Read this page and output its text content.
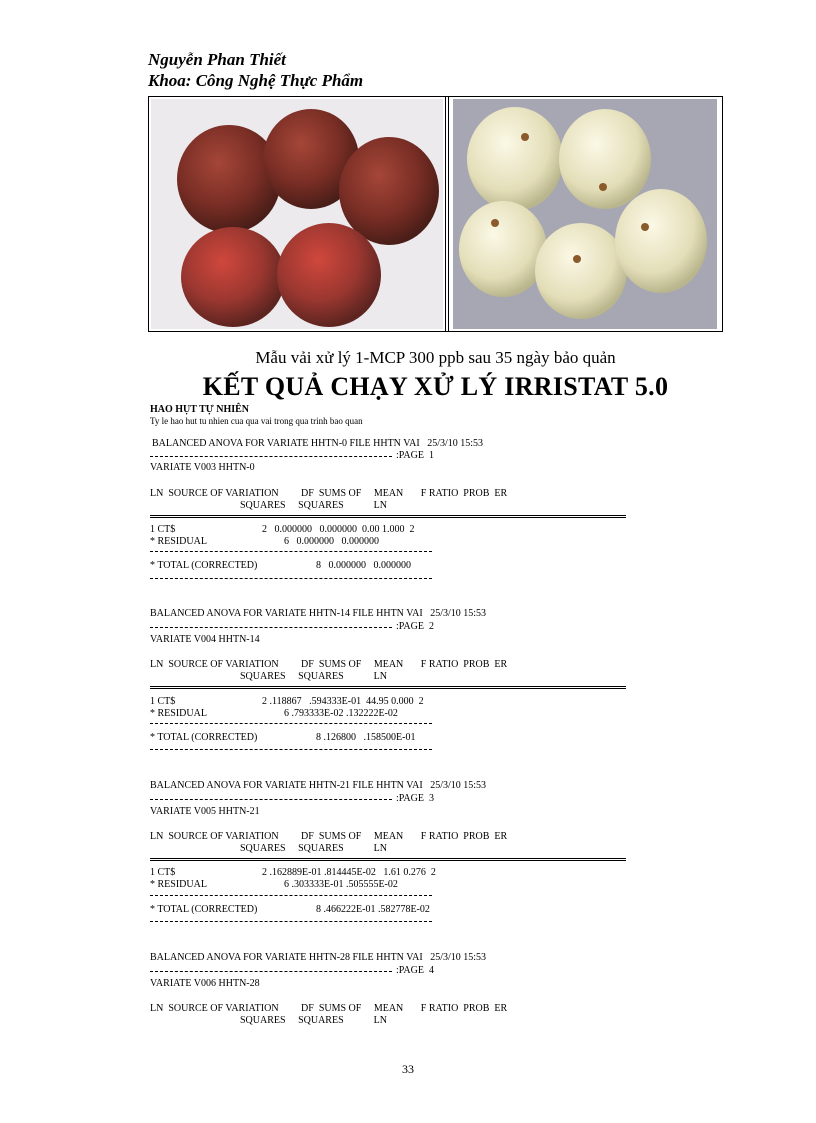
Nguyễn Phan Thiết
Khoa: Công Nghệ Thực Phẩm
Mẫu vải xử lý 1-MCP 300 ppb sau 35 ngày bảo quản
KẾT QUẢ CHẠY XỬ LÝ IRRISTAT 5.0
HAO HỤT TỰ NHIÊN
Ty le hao hut tu nhien cua qua vai trong qua trinh bao quan
BALANCED ANOVA FOR VARIATE HHTN-0 FILE HHTN VAI   25/3/10 15:53
:PAGE  1
VARIATE V003 HHTN-0
LN  SOURCE OF VARIATION         DF  SUMS OF     MEAN       F RATIO  PROB  ER
SQUARES     SQUARES            LN
1 CT$	2   0.000000   0.000000  0.00 1.000  2
* RESIDUAL	6   0.000000   0.000000
* TOTAL (CORRECTED)	8   0.000000   0.000000
BALANCED ANOVA FOR VARIATE HHTN-14 FILE HHTN VAI   25/3/10 15:53
:PAGE  2
VARIATE V004 HHTN-14
LN  SOURCE OF VARIATION         DF  SUMS OF     MEAN       F RATIO  PROB  ER
SQUARES     SQUARES            LN
1 CT$	2 .118867   .594333E-01  44.95 0.000  2
* RESIDUAL	6 .793333E-02 .132222E-02
* TOTAL (CORRECTED)	8 .126800   .158500E-01
BALANCED ANOVA FOR VARIATE HHTN-21 FILE HHTN VAI   25/3/10 15:53
:PAGE  3
VARIATE V005 HHTN-21
LN  SOURCE OF VARIATION         DF  SUMS OF     MEAN       F RATIO  PROB  ER
SQUARES     SQUARES            LN
1 CT$	2 .162889E-01 .814445E-02   1.61 0.276  2
* RESIDUAL	6 .303333E-01 .505555E-02
* TOTAL (CORRECTED)	8 .466222E-01 .582778E-02
BALANCED ANOVA FOR VARIATE HHTN-28 FILE HHTN VAI   25/3/10 15:53
:PAGE  4
VARIATE V006 HHTN-28
LN  SOURCE OF VARIATION         DF  SUMS OF     MEAN       F RATIO  PROB  ER
SQUARES     SQUARES            LN
33
